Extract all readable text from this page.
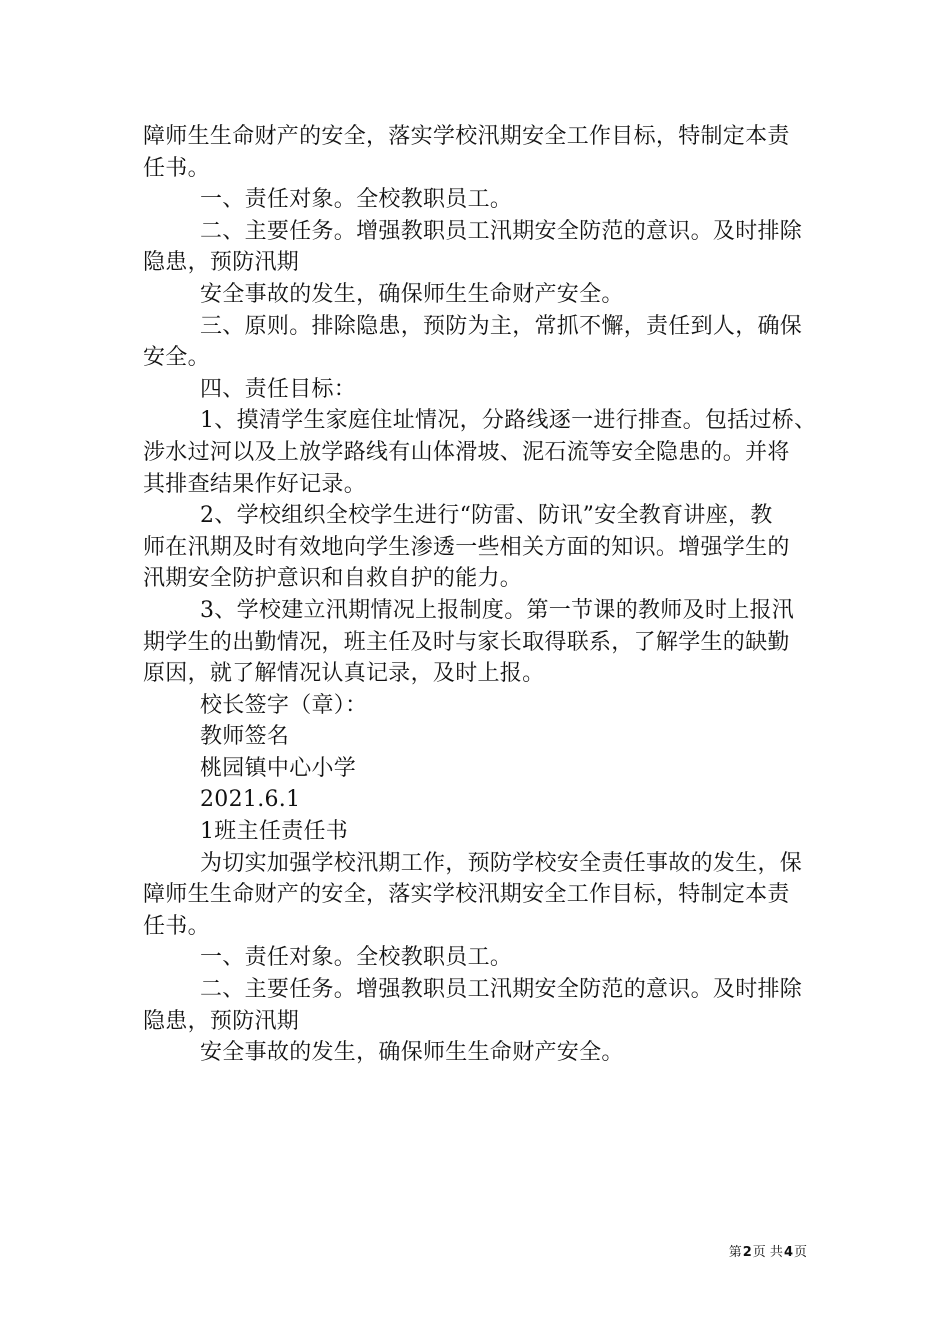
障师生生命财产的安全，落实学校汛期安全工作目标，特制定本责
任书。
一、责任对象。全校教职员工。
二、主要任务。增强教职员工汛期安全防范的意识。及时排除
隐患，预防汛期
安全事故的发生，确保师生生命财产安全。
三、原则。排除隐患，预防为主，常抓不懈，责任到人，确保
安全。
四、责任目标：
1、摸清学生家庭住址情况，分路线逐一进行排查。包括过桥、
涉水过河以及上放学路线有山体滑坡、泥石流等安全隐患的。并将
其排查结果作好记录。
2、学校组织全校学生进行“防雷、防讯”安全教育讲座，教
师在汛期及时有效地向学生渗透一些相关方面的知识。增强学生的
汛期安全防护意识和自救自护的能力。
3、学校建立汛期情况上报制度。第一节课的教师及时上报汛
期学生的出勤情况，班主任及时与家长取得联系，了解学生的缺勤
原因，就了解情况认真记录，及时上报。
校长签字（章）：
教师签名
桃园镇中心小学
2021.6.1
1班主任责任书
为切实加强学校汛期工作，预防学校安全责任事故的发生，保
障师生生命财产的安全，落实学校汛期安全工作目标，特制定本责
任书。
一、责任对象。全校教职员工。
二、主要任务。增强教职员工汛期安全防范的意识。及时排除
隐患，预防汛期
安全事故的发生，确保师生生命财产安全。
第2页 共4页
